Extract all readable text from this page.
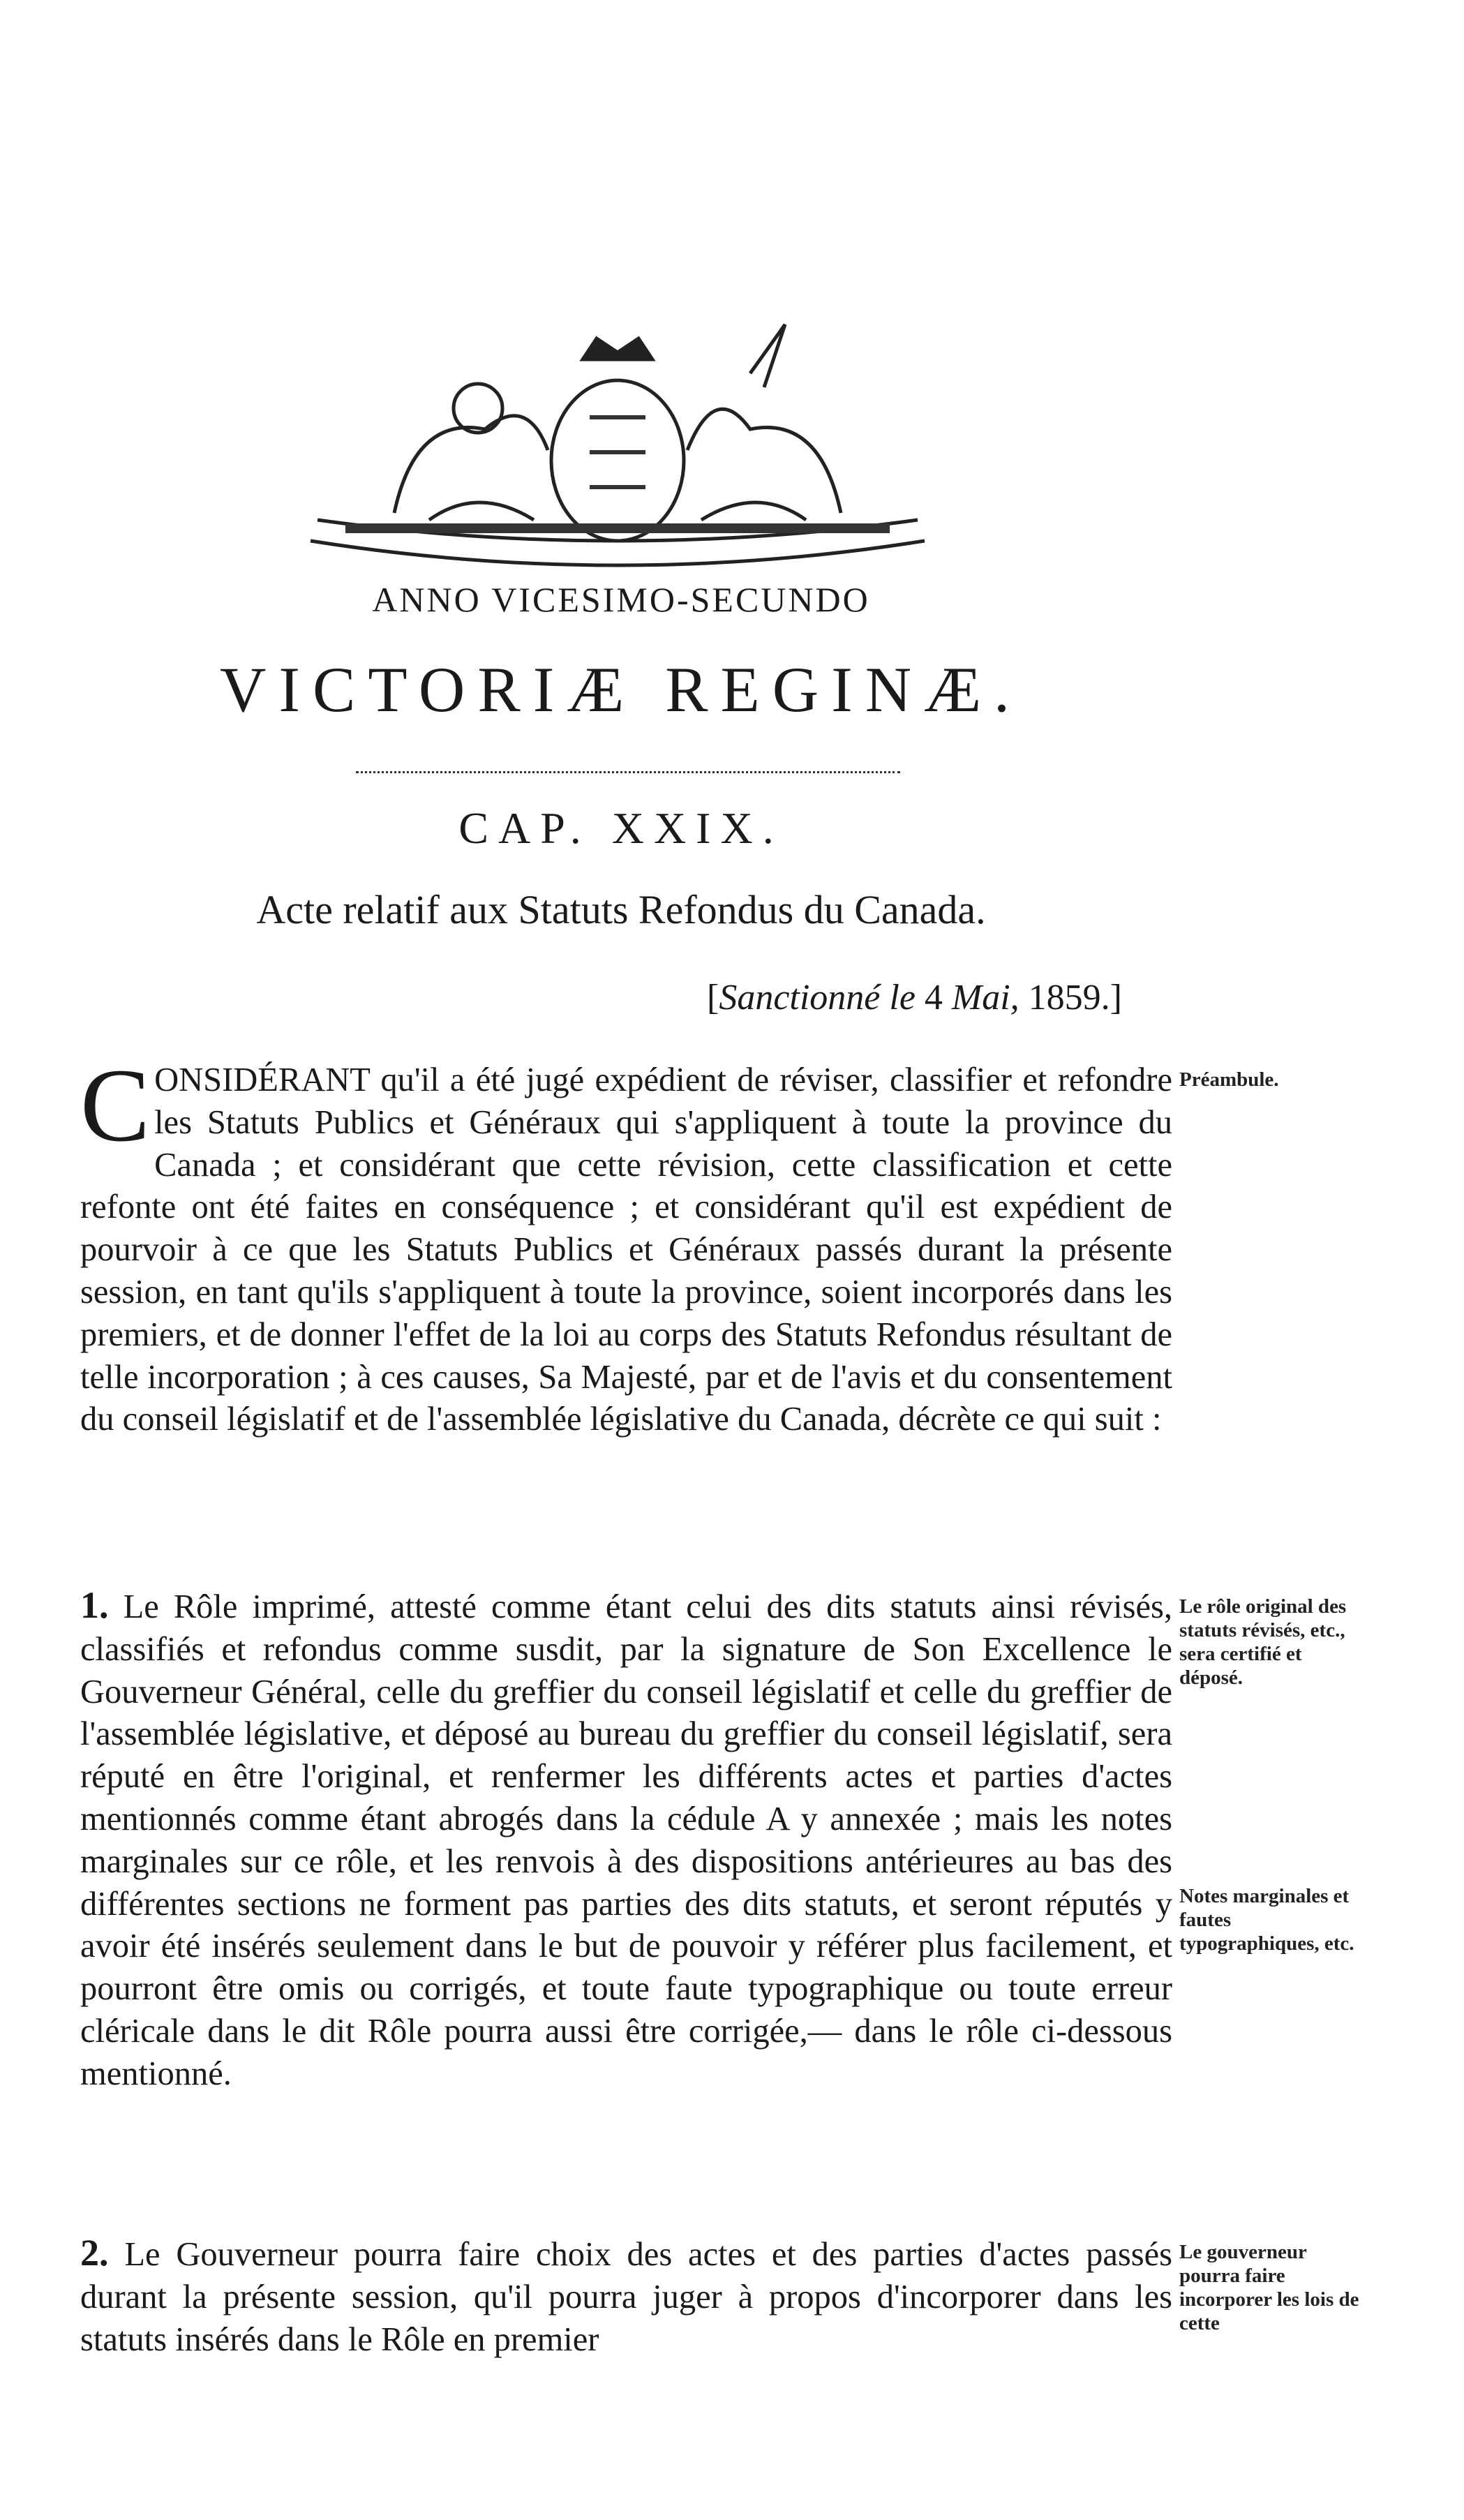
ANNO VICESIMO-SECUNDO
VICTORIÆ REGINÆ.
CAP. XXIX.
Acte relatif aux Statuts Refondus du Canada.
[Sanctionné le 4 Mai, 1859.]
CONSIDÉRANT qu'il a été jugé expédient de réviser, classifier et refondre les Statuts Publics et Généraux qui s'appliquent à toute la province du Canada ; et considérant que cette révision, cette classification et cette refonte ont été faites en conséquence ; et considérant qu'il est expédient de pourvoir à ce que les Statuts Publics et Généraux passés durant la présente session, en tant qu'ils s'appliquent à toute la province, soient incorporés dans les premiers, et de donner l'effet de la loi au corps des Statuts Refondus résultant de telle incorporation ; à ces causes, Sa Majesté, par et de l'avis et du consentement du conseil législatif et de l'assemblée législative du Canada, décrète ce qui suit :
Préambule.
1. Le Rôle imprimé, attesté comme étant celui des dits statuts ainsi révisés, classifiés et refondus comme susdit, par la signature de Son Excellence le Gouverneur Général, celle du greffier du conseil législatif et celle du greffier de l'assemblée législative, et déposé au bureau du greffier du conseil législatif, sera réputé en être l'original, et renfermer les différents actes et parties d'actes mentionnés comme étant abrogés dans la cédule A y annexée ; mais les notes marginales sur ce rôle, et les renvois à des dispositions antérieures au bas des différentes sections ne forment pas parties des dits statuts, et seront réputés y avoir été insérés seulement dans le but de pouvoir y référer plus facilement, et pourront être omis ou corrigés, et toute faute typographique ou toute erreur cléricale dans le dit Rôle pourra aussi être corrigée,— dans le rôle ci-dessous mentionné.
Le rôle original des statuts révisés, etc., sera certifié et déposé.
Notes marginales et fautes typographiques, etc.
2. Le Gouverneur pourra faire choix des actes et des parties d'actes passés durant la présente session, qu'il pourra juger à propos d'incorporer dans les statuts insérés dans le Rôle en premier
Le gouverneur pourra faire incorporer les lois de cette
